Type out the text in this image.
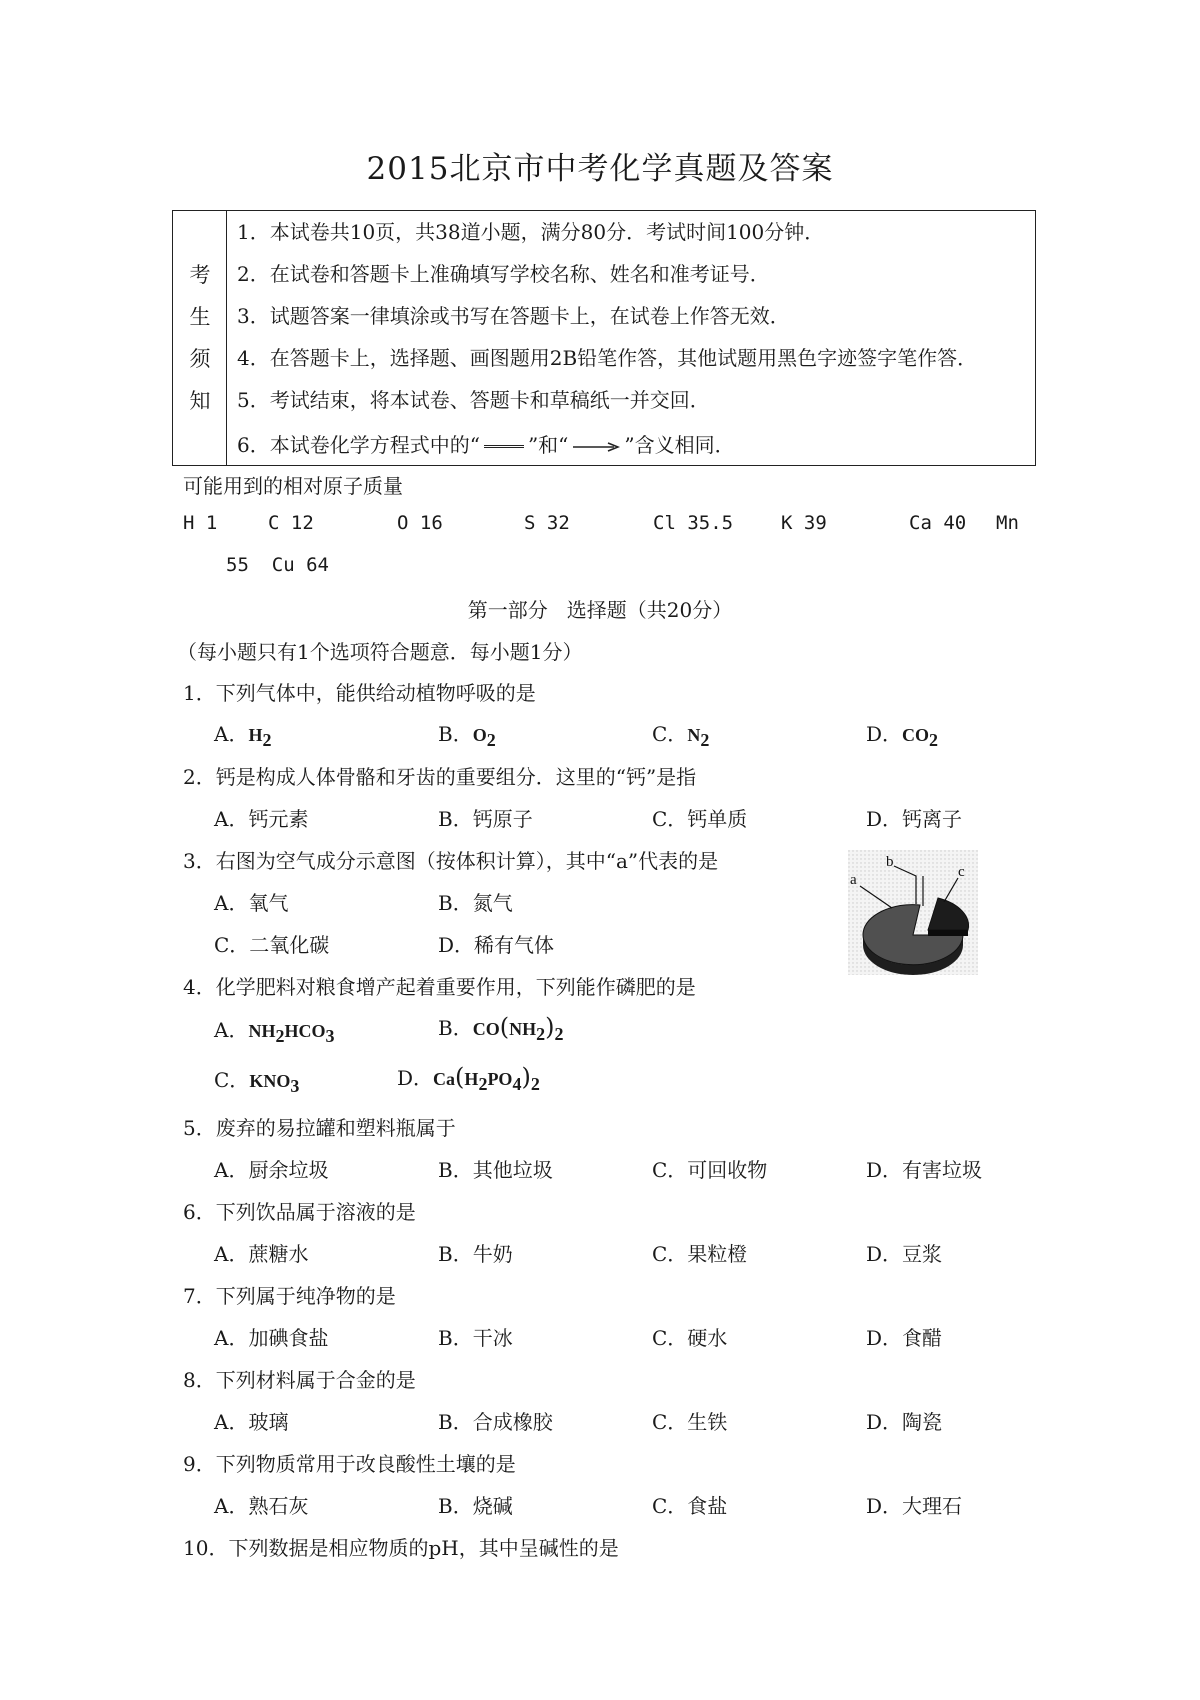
2015北京市中考化学真题及答案
考
生
须
知
1．本试卷共10页，共38道小题，满分80分．考试时间100分钟．
2．在试卷和答题卡上准确填写学校名称、姓名和准考证号．
3．试题答案一律填涂或书写在答题卡上，在试卷上作答无效．
4．在答题卡上，选择题、画图题用2B铅笔作答，其他试题用黑色字迹签字笔作答．
5．考试结束，将本试卷、答题卡和草稿纸一并交回．
6．本试卷化学方程式中的“ ”和“	”含义相同．
可能用到的相对原子质量
H 1	C 12	O 16	S 32	Cl 35.5	K 39	Ca 40 Mn
55  Cu 64
第一部分   选择题（共20分）
（每小题只有1个选项符合题意．每小题1分）
1．下列气体中，能供给动植物呼吸的是
A．H2	B．O2	C．N2	D．CO2
2．钙是构成人体骨骼和牙齿的重要组分．这里的“钙”是指
A．钙元素	B．钙原子	C．钙单质	D．钙离子
3．右图为空气成分示意图（按体积计算），其中“a”代表的是
A．氧气	B．氮气
C．二氧化碳	D．稀有气体
a
b
c
4．化学肥料对粮食增产起着重要作用，下列能作磷肥的是
A．NH2HCO3	B．CO(NH2)2
C．KNO3	D．Ca(H2PO4)2
5．废弃的易拉罐和塑料瓶属于
A．厨余垃圾	B．其他垃圾	C．可回收物	D．有害垃圾
6．下列饮品属于溶液的是
A．蔗糖水	B．牛奶	C．果粒橙	D．豆浆
7．下列属于纯净物的是
A．加碘食盐	B．干冰	C．硬水	D．食醋
8．下列材料属于合金的是
A．玻璃	B．合成橡胶	C．生铁	D．陶瓷
9．下列物质常用于改良酸性土壤的是
A．熟石灰	B．烧碱	C．食盐	D．大理石
10．下列数据是相应物质的pH，其中呈碱性的是
